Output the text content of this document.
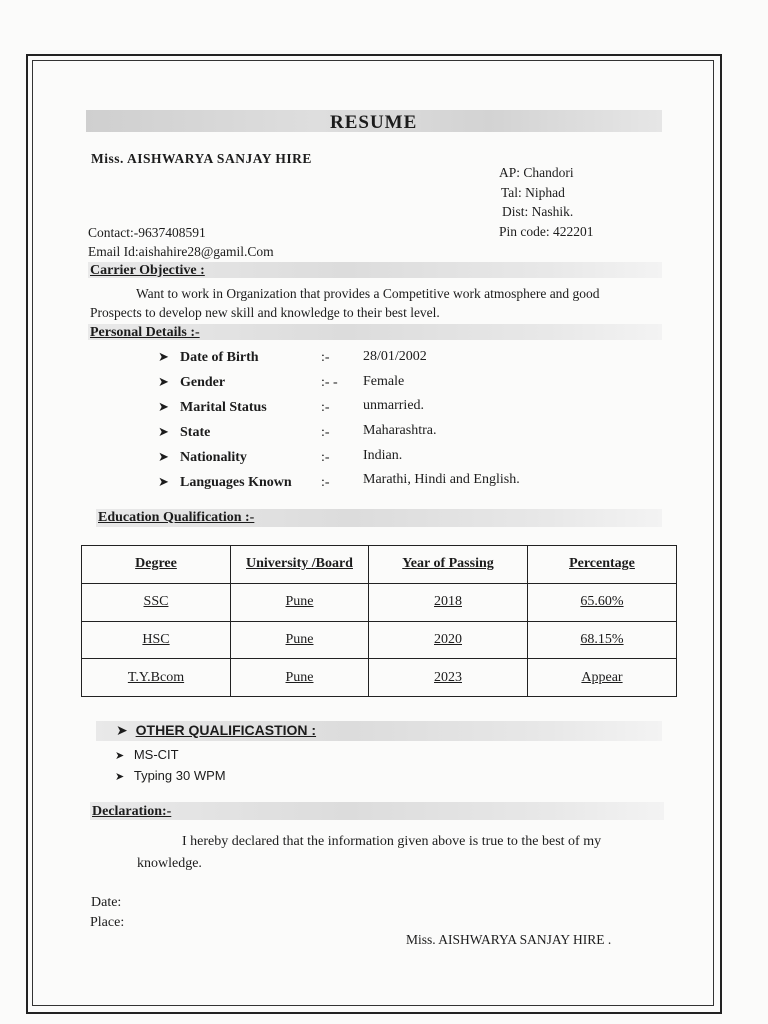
RESUME
Miss. AISHWARYA SANJAY HIRE
AP: Chandori
Tal: Niphad
Dist: Nashik.
Pin code: 422201
Contact:-9637408591
Email Id:aishahire28@gamil.Com
Carrier Objective :
Want to work in Organization that provides a Competitive work atmosphere and good
Prospects to develop new skill and knowledge to their best level.
Personal Details :-
➤ Date of Birth	:- 28/01/2002
➤ Gender	:- - Female
➤ Marital Status	:- unmarried.
➤ State	:- Maharashtra.
➤ Nationality	:- Indian.
➤ Languages Known :- Marathi, Hindi and English.
Education Qualification :-
Degree	University /Board	Year of Passing	Percentage
SSC	Pune	2018	65.60%
HSC	Pune	2020	68.15%
T.Y.Bcom	Pune	2023	Appear
➤ OTHER QUALIFICASTION :
➤ MS-CIT
➤ Typing 30 WPM
Declaration:-
I hereby declared that the information given above is true to the best of my
knowledge.
Date:
Place:
Miss. AISHWARYA SANJAY HIRE .
